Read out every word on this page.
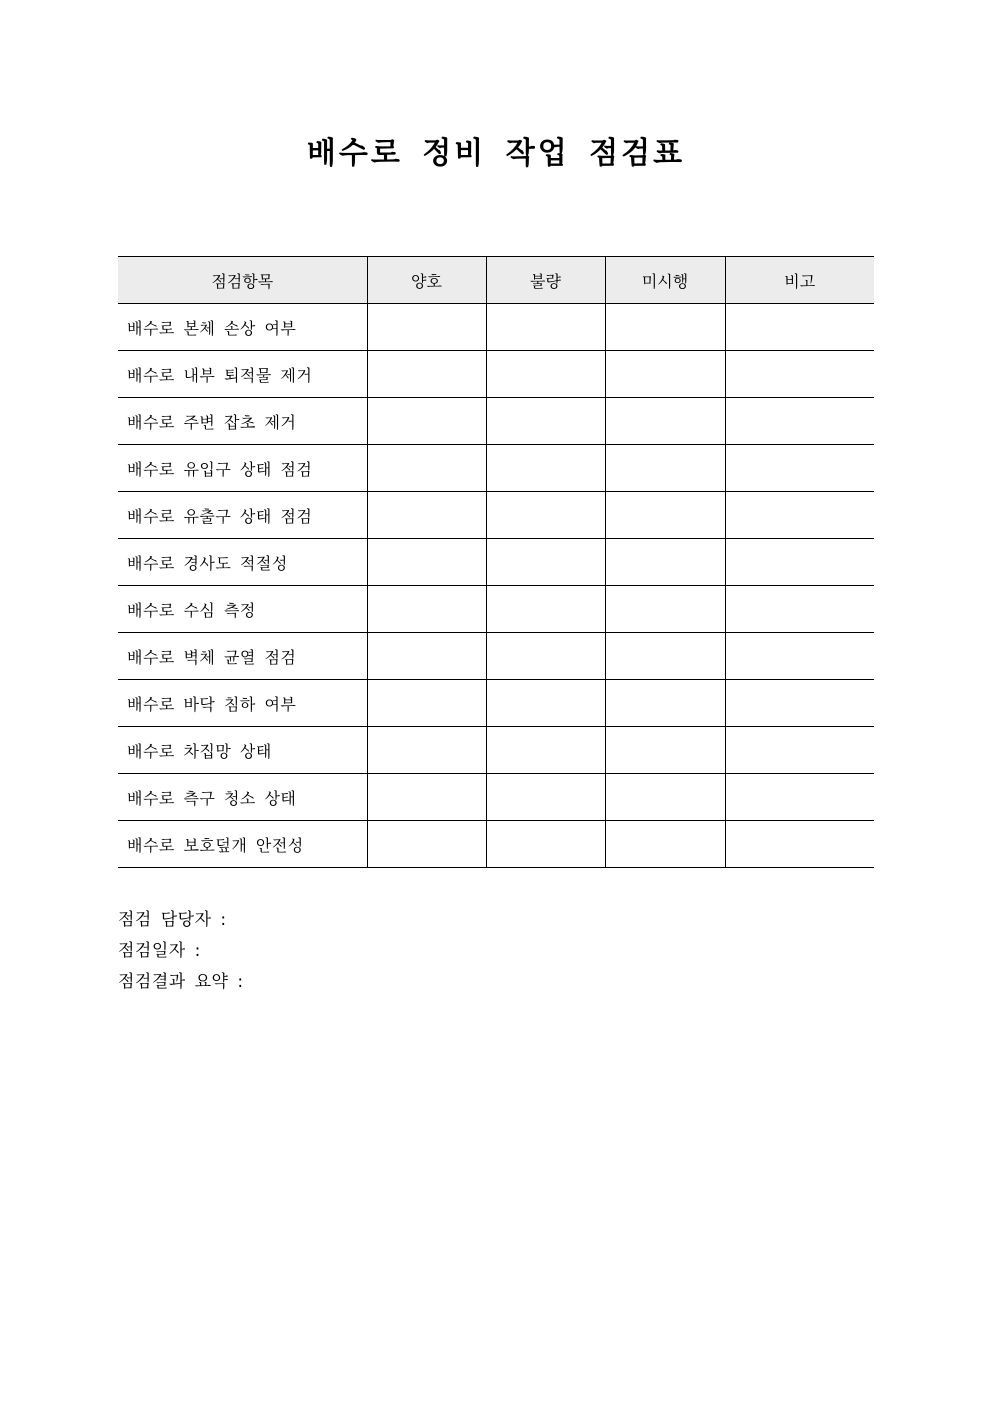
배수로 정비 작업 점검표
점검항목	양호	불량	미시행	비고
배수로 본체 손상 여부				
배수로 내부 퇴적물 제거				
배수로 주변 잡초 제거				
배수로 유입구 상태 점검				
배수로 유출구 상태 점검				
배수로 경사도 적절성				
배수로 수심 측정				
배수로 벽체 균열 점검				
배수로 바닥 침하 여부				
배수로 차집망 상태				
배수로 측구 청소 상태				
배수로 보호덮개 안전성				
점검 담당자 :
점검일자 :
점검결과 요약 :
